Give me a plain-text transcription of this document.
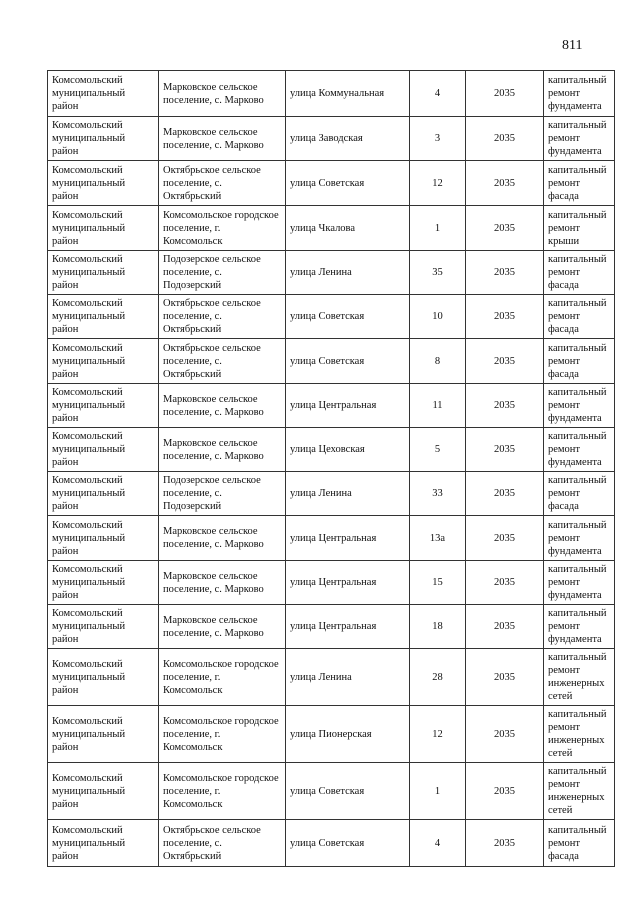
811
Комсомольский муниципальный район	Марковское сельское поселение, с. Марково	улица Коммунальная	4	2035	капитальный ремонт фундамента
Комсомольский муниципальный район	Марковское сельское поселение, с. Марково	улица Заводская	3	2035	капитальный ремонт фундамента
Комсомольский муниципальный район	Октябрьское сельское поселение, с. Октябрьский	улица Советская	12	2035	капитальный ремонт фасада
Комсомольский муниципальный район	Комсомольское городское поселение, г. Комсомольск	улица Чкалова	1	2035	капитальный ремонт крыши
Комсомольский муниципальный район	Подозерское сельское поселение, с. Подозерский	улица Ленина	35	2035	капитальный ремонт фасада
Комсомольский муниципальный район	Октябрьское сельское поселение, с. Октябрьский	улица Советская	10	2035	капитальный ремонт фасада
Комсомольский муниципальный район	Октябрьское сельское поселение, с. Октябрьский	улица Советская	8	2035	капитальный ремонт фасада
Комсомольский муниципальный район	Марковское сельское поселение, с. Марково	улица Центральная	11	2035	капитальный ремонт фундамента
Комсомольский муниципальный район	Марковское сельское поселение, с. Марково	улица Цеховская	5	2035	капитальный ремонт фундамента
Комсомольский муниципальный район	Подозерское сельское поселение, с. Подозерский	улица Ленина	33	2035	капитальный ремонт фасада
Комсомольский муниципальный район	Марковское сельское поселение, с. Марково	улица Центральная	13а	2035	капитальный ремонт фундамента
Комсомольский муниципальный район	Марковское сельское поселение, с. Марково	улица Центральная	15	2035	капитальный ремонт фундамента
Комсомольский муниципальный район	Марковское сельское поселение, с. Марково	улица Центральная	18	2035	капитальный ремонт фундамента
Комсомольский муниципальный район	Комсомольское городское поселение, г. Комсомольск	улица Ленина	28	2035	капитальный ремонт инженерных сетей
Комсомольский муниципальный район	Комсомольское городское поселение, г. Комсомольск	улица Пионерская	12	2035	капитальный ремонт инженерных сетей
Комсомольский муниципальный район	Комсомольское городское поселение, г. Комсомольск	улица Советская	1	2035	капитальный ремонт инженерных сетей
Комсомольский муниципальный район	Октябрьское сельское поселение, с. Октябрьский	улица Советская	4	2035	капитальный ремонт фасада
